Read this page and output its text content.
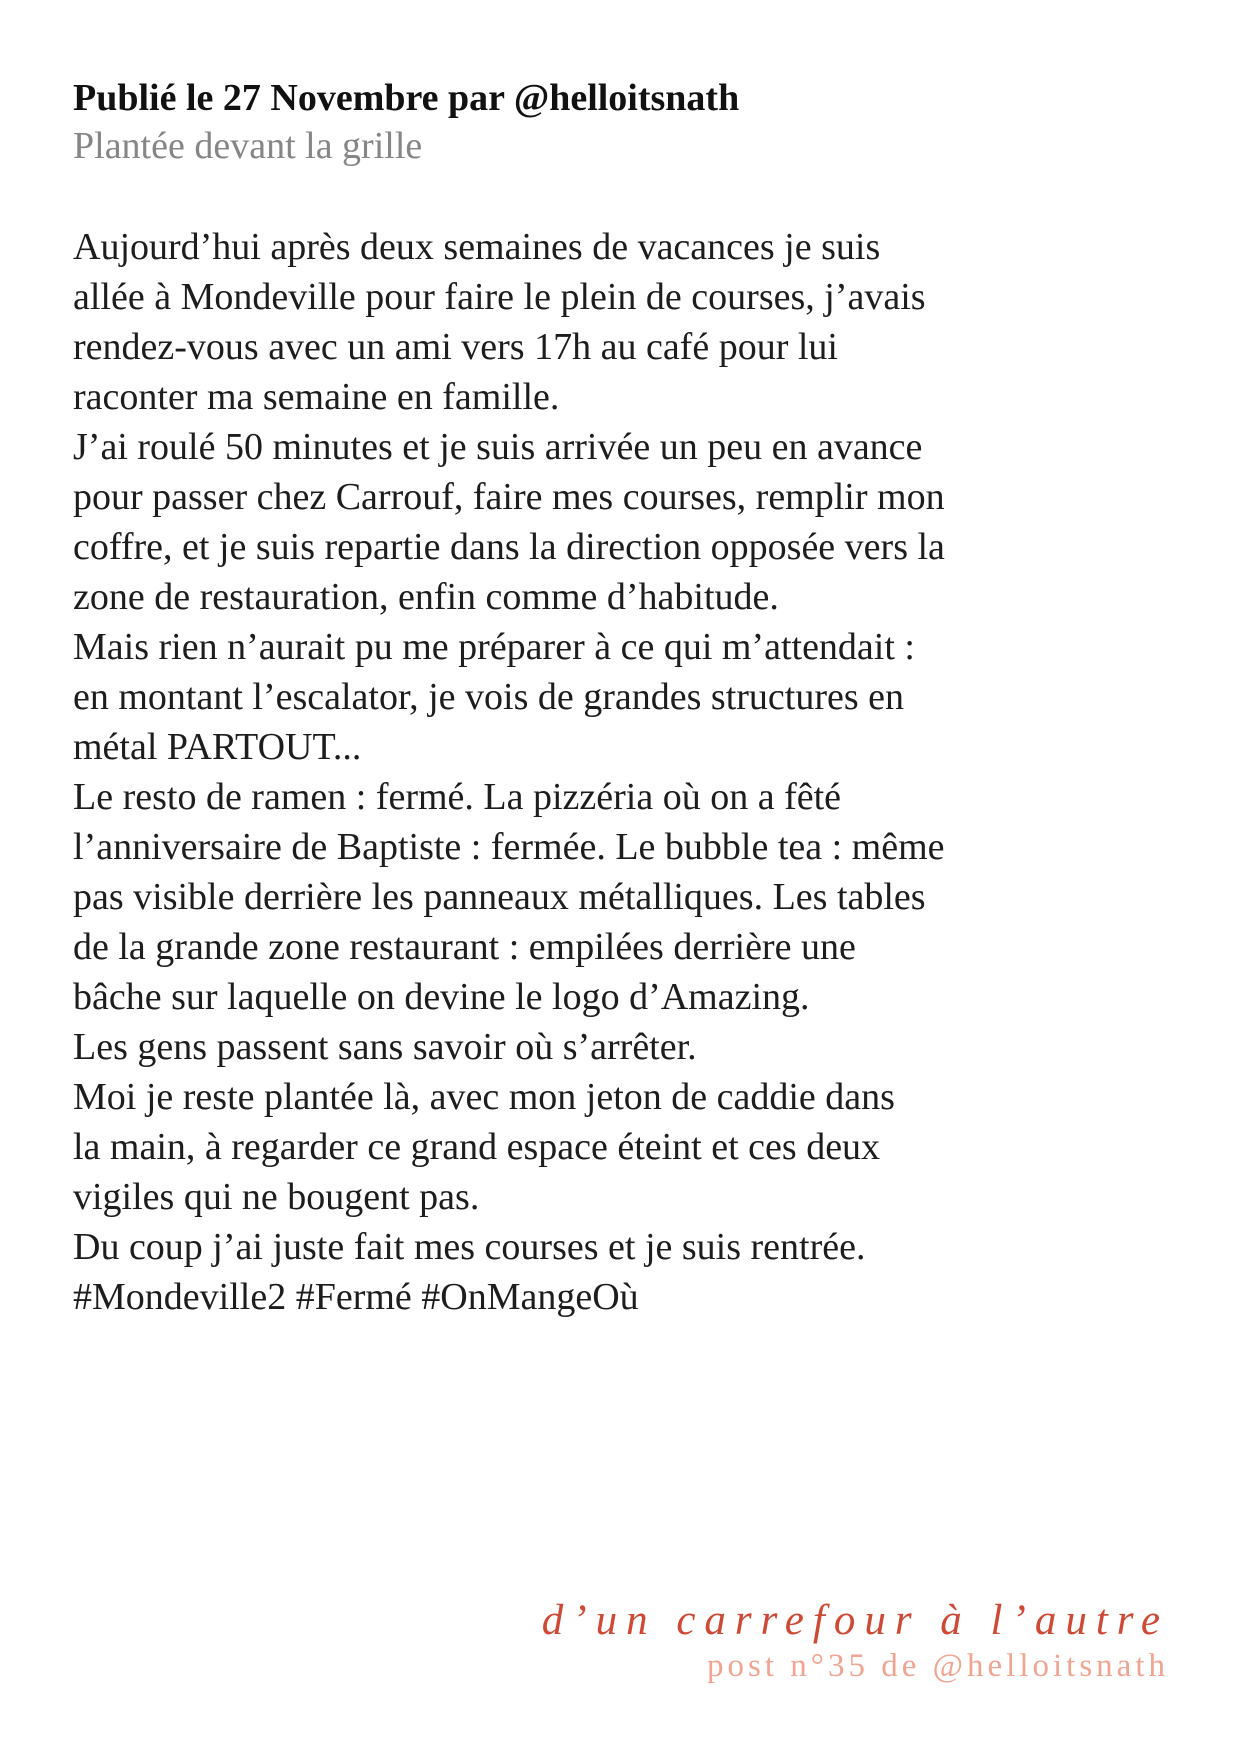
Publié le 27 Novembre par @helloitsnath
Plantée devant la grille
Aujourd’hui après deux semaines de vacances je suis
allée à Mondeville pour faire le plein de courses, j’avais
rendez-vous avec un ami vers 17h au café pour lui
raconter ma semaine en famille.
J’ai roulé 50 minutes et je suis arrivée un peu en avance
pour passer chez Carrouf, faire mes courses, remplir mon
coffre, et je suis repartie dans la direction opposée vers la
zone de restauration, enfin comme d’habitude.
Mais rien n’aurait pu me préparer à ce qui m’attendait :
en montant l’escalator, je vois de grandes structures en
métal PARTOUT...
Le resto de ramen : fermé. La pizzéria où on a fêté
l’anniversaire de Baptiste : fermée. Le bubble tea : même
pas visible derrière les panneaux métalliques. Les tables
de la grande zone restaurant : empilées derrière une
bâche sur laquelle on devine le logo d’Amazing.
Les gens passent sans savoir où s’arrêter.
Moi je reste plantée là, avec mon jeton de caddie dans
la main, à regarder ce grand espace éteint et ces deux
vigiles qui ne bougent pas.
Du coup j’ai juste fait mes courses et je suis rentrée.
#Mondeville2 #Fermé #OnMangeOù
d’un carrefour à l’autre
post n°35 de @helloitsnath
